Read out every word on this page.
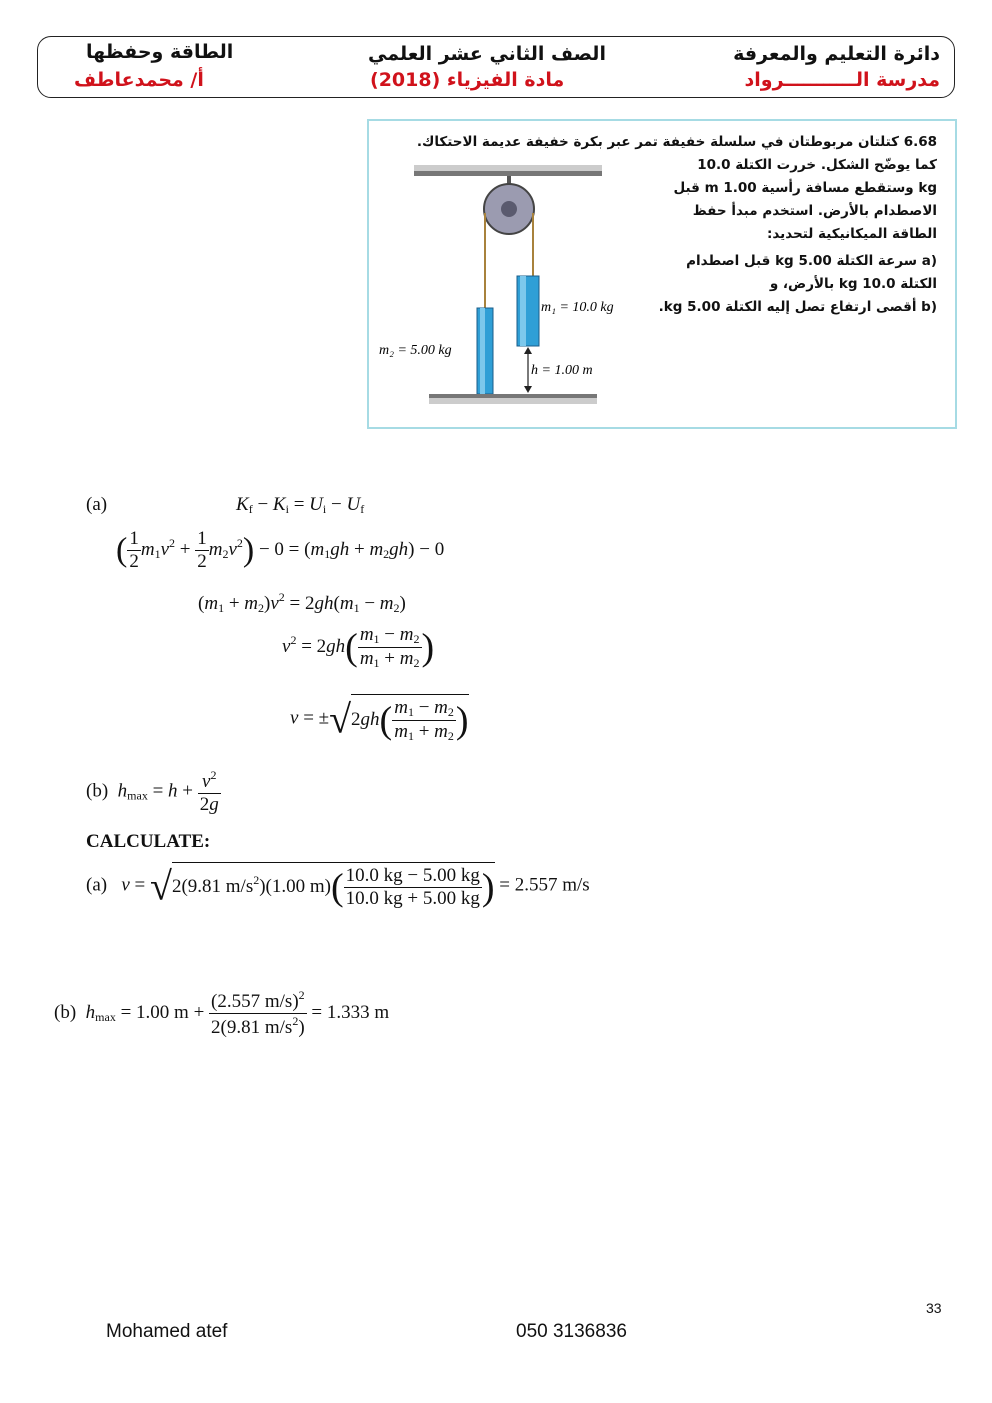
الطاقة وحفظها
أ/ محمدعاطف
الصف الثاني عشر العلمي
مادة الفيزياء (2018)
دائرة التعليم والمعرفة
مدرسة الـــــــــــرواد
m₁ = 10.0 kg
m₂ = 5.00 kg
h = 1.00 m
6.68 كتلتان مربوطتان في سلسلة خفيفة تمر عبر بكرة خفيفة عديمة الاحتكاك.
كما يوضّح الشكل. خررت الكتلة 10.0
kg وستقطع مسافة رأسية 1.00 m قبل
الاصطدام بالأرض. استخدم مبدأ حفظ
الطاقة الميكانيكية لتحديد:
(a سرعة الكتلة 5.00 kg قبل اصطدام
الكتلة 10.0 kg بالأرض، و
(b أقصى ارتفاع تصل إليه الكتلة 5.00 kg.
(a)	$K_f - K_i = U_i - U_f$
( $\frac{1}{2} m_1v^2 + \frac{1}{2} m_2v^2) - 0 = (m_1gh + m_2gh) - 0$
$(m_1 + m_2)v^2 = 2gh(m_1 - m_2)$
$v^2 = 2gh( \frac{m_1 - m_2}{m_1 + m_2}$ )
$v = \pm√2gh( \frac{m_1 - m_2}{m_1 + m_2}$ )
(b) $h_{max} = h + \frac{v^2}{2g}$
CALCULATE:
(a)   v = √2(9.81 $m/s^2)(1.00$ $m)( \frac{10.0 kg - 5.00 kg}{10.0 kg + 5.00 kg}$ ) = 2.557 m/s
(b)  $h_{max} = 1.00$ $m + \frac{(2.557 m/s)^2}{2(9.81 m/s^2)} = 1.333$ m
33
Mohamed atef	050 3136836
